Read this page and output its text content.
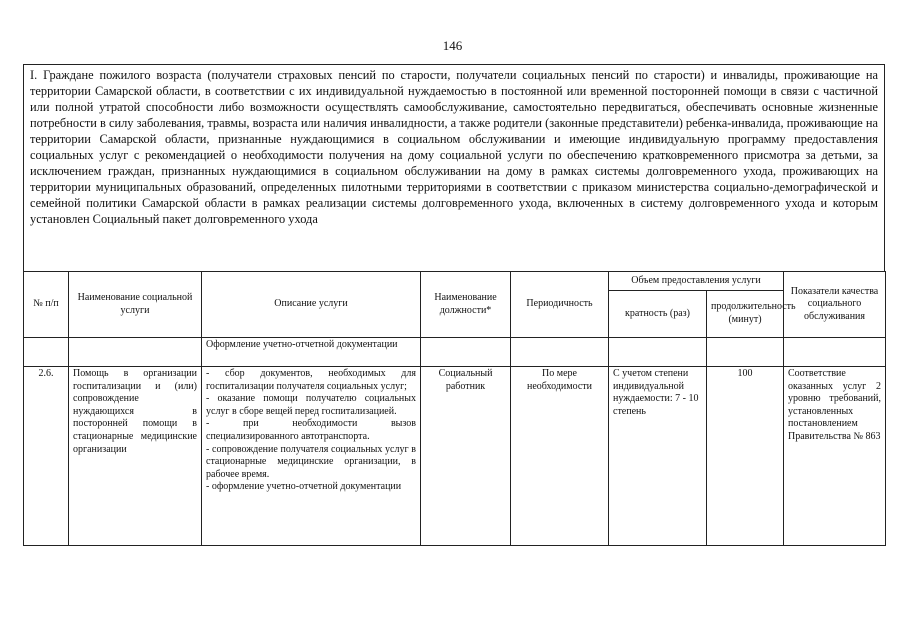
146
I. Граждане пожилого возраста (получатели страховых пенсий по старости, получатели социальных пенсий по старости) и инвалиды, проживающие на территории Самарской области, в соответствии с их индивидуальной нуждаемостью в постоянной или временной посторонней помощи в связи с частичной или полной утратой способности либо возможности осуществлять самообслуживание, самостоятельно передвигаться, обеспечивать основные жизненные потребности в силу заболевания, травмы, возраста или наличия инвалидности, а также родители (законные представители) ребенка-инвалида, проживающие на территории Самарской области, признанные нуждающимися в социальном обслуживании и имеющие индивидуальную программу предоставления социальных услуг с рекомендацией о необходимости получения на дому социальной услуги по обеспечению кратковременного присмотра за детьми, за исключением граждан, признанных нуждающимися в социальном обслуживании на дому в рамках системы долговременного ухода, проживающих на территории муниципальных образований, определенных пилотными территориями в соответствии с приказом министерства социально-демографической и семейной политики Самарской области в рамках реализации системы долговременного ухода, включенных в систему долговременного ухода и которым установлен Социальный пакет долговременного ухода
№ п/п	Наименование социальной услуги	Описание услуги	Наименование должности*	Периодичность	Объем предоставления услуги		Показатели качества социального обслуживания
					кратность (раз)	продолжительность (минут)	
		Оформление учетно-отчетной документации					
2.6.	Помощь в организации госпитализации и (или) сопровождение нуждающихся в посторонней помощи в стационарные медицинские организации	- сбор документов, необходимых для госпитализации получателя социальных услуг;
- оказание помощи получателю социальных услуг в сборе вещей перед госпитализацией.
- при необходимости вызов специализированного автотранспорта.
- сопровождение получателя социальных услуг в стационарные медицинские организации, в рабочее время.
- оформление учетно-отчетной документации	Социальный работник	По мере необходимости	С учетом степени индивидуальной нуждаемости: 7 - 10 степень	100	Соответствие оказанных услуг 2 уровню требований, установленных постановлением Правительства № 863
